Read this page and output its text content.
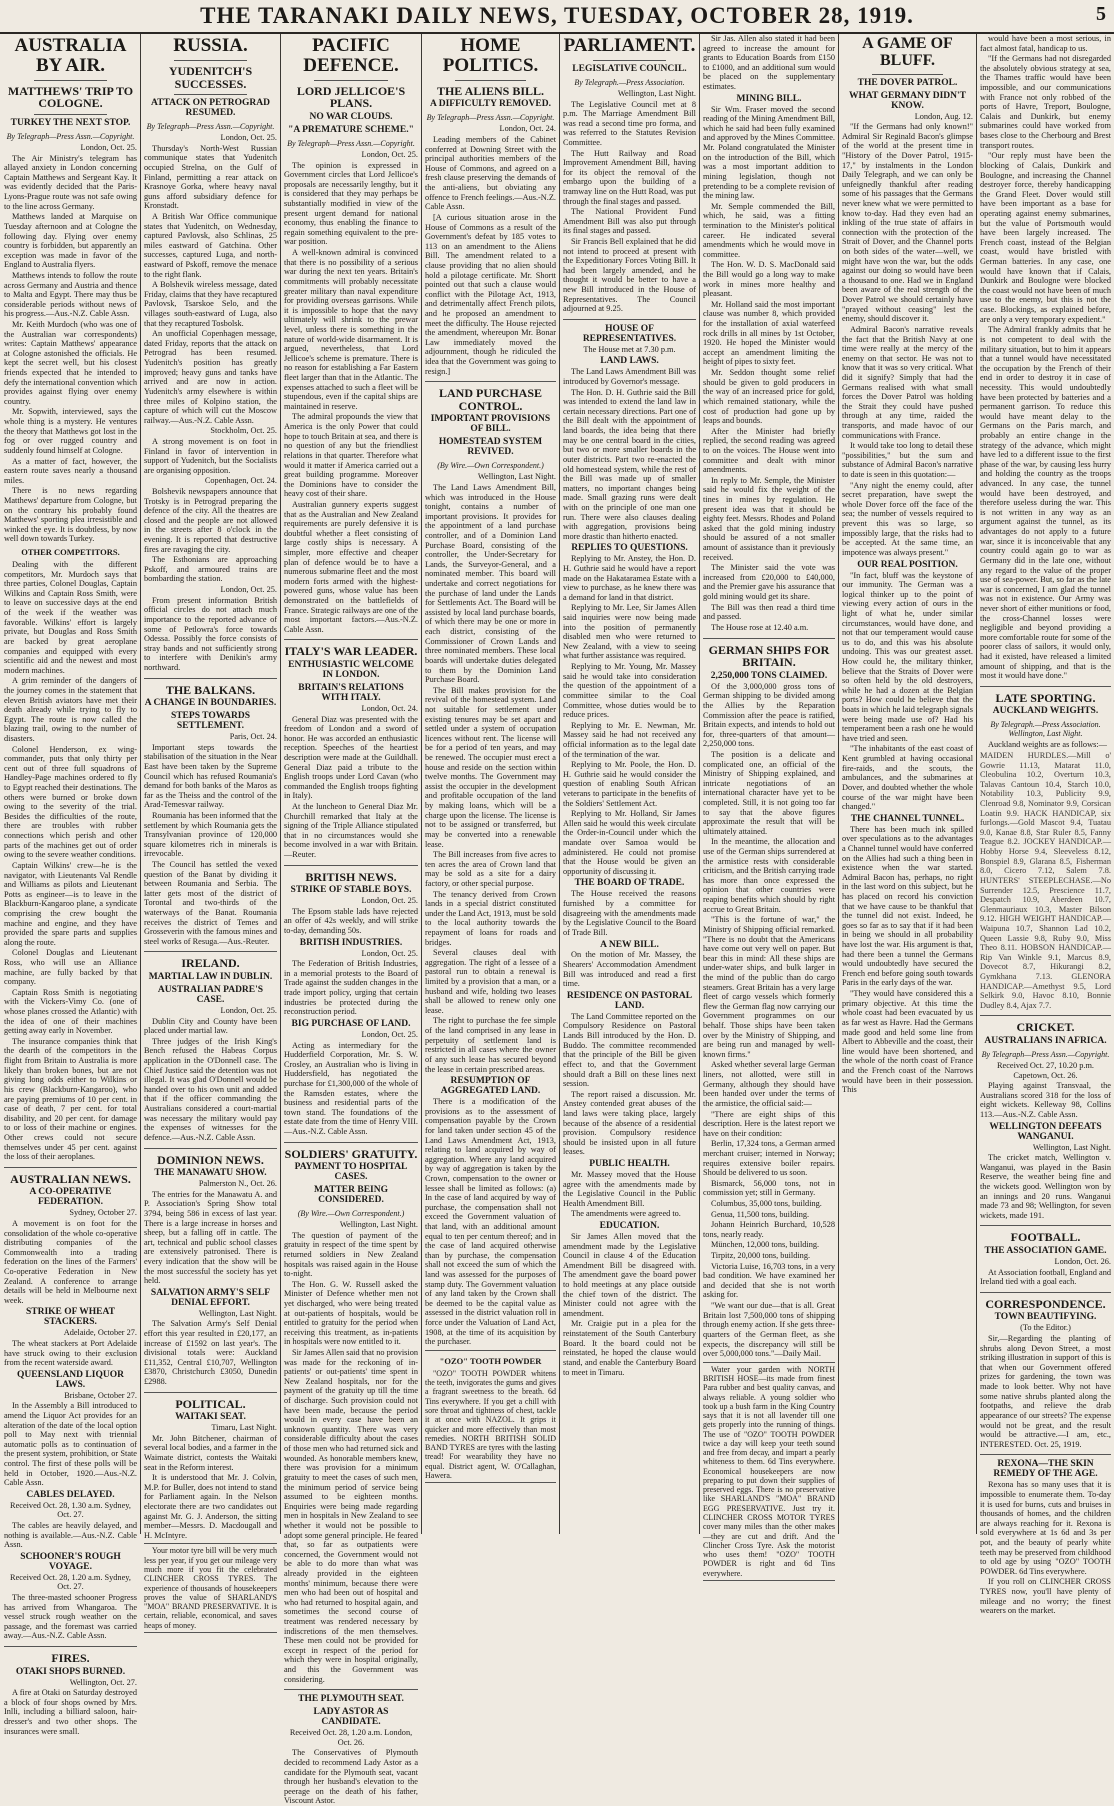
THE TARANAKI DAILY NEWS, TUESDAY, OCTOBER 28, 1919.	5
AUSTRALIA BY AIR.
MATTHEWS' TRIP TO COLOGNE.
TURKEY THE NEXT STOP.
By Telegraph—Press Assn.—Copyright.

London, Oct. 25.

The Air Ministry's telegram has allayed anxiety in London concerning Captain Matthews and Sergeant Kay. It was evidently decided that the Paris-Lyons-Prague route was not safe owing to the line across Germany.

Matthews landed at Marquise on Tuesday afternoon and at Cologne the following day. Flying over enemy country is forbidden, but apparently an exception was made in favor of the England to Australia flyers.

Matthews intends to follow the route across Germany and Austria and thence to Malta and Egypt. There may thus be considerable periods without news of his progress.—Aus.-N.Z. Cable Assn.

Mr. Keith Murdoch (who was one of the Australian war correspondents) writes: Captain Matthews' appearance at Cologne astonished the officials. He kept the secret well, but his closest friends expected that he intended to defy the international convention which provides against flying over enemy country.

Mr. Sopwith, interviewed, says the whole thing is a mystery. He ventures the theory that Matthews got lost in the fog or over rugged country and suddenly found himself at Cologne.

As a matter of fact, however, the eastern route saves nearly a thousand miles.

There is no news regarding Matthews' departure from Cologne, but on the contrary his probably found Matthews' sporting plea irresistible and winked the eye. It is doubtless, by now well down towards Turkey.

OTHER COMPETITORS.

Dealing with the different competitors, Mr. Murdoch says that three parties, Colonel Douglas, Captain Wilkins and Captain Ross Smith, were to leave on successive days at the end of the week if the weather was favorable. Wilkins' effort is largely private, but Douglas and Ross Smith are backed by great aeroplane companies and equipped with every scientific aid and the newest and most modern machines.

A grim reminder of the dangers of the journey comes in the statement that eleven British aviators have met their death already while trying to fly to Egypt. The route is now called the blazing trail, owing to the number of disasters.

Colonel Henderson, ex wing-commander, puts that only thirty per cent out of three full squadrons of Handley-Page machines ordered to fly to Egypt reached their destinations. The others were burned or broke down owing to the severity of the trial. Besides the difficulties of the route, there are troubles with rubber connections which perish and other parts of the machines get out of order owing to the severe weather conditions.

Captain Wilkins' crew—he is the navigator, with Lieutenants Val Rendle and Williams as pilots and Lieutenant Potts as engineer—is to leave in the Blackburn-Kangaroo plane, a syndicate comprising the crew bought the machine and engine, and they have provided the spare parts and supplies along the route.

Colonel Douglas and Lieutenant Ross, who will use an Alliance machine, are fully backed by that company.

Captain Ross Smith is negotiating with the Vickers-Vimy Co. (one of whose planes crossed the Atlantic) with the idea of one of their machines getting away early in November.

The insurance companies think that the dearth of the competitors in the flight from Britain to Australia is more likely than broken bones, but are not giving long odds either to Wilkins or his crew (Blackburn-Kangaroo), who are paying premiums of 10 per cent. in case of death, 7 per cent. for total disability, and 20 per cent. for damage to or loss of their machine or engines. Other crews could not secure themselves under 45 per cent. against the loss of their aeroplanes.

AUSTRALIAN NEWS.
A CO-OPERATIVE FEDERATION.

Sydney, October 27.

A movement is on foot for the consolidation of the whole co-operative distributing companies of the Commonwealth into a trading federation on the lines of the Farmers' Co-operative Federation in New Zealand. A conference to arrange details will be held in Melbourne next week.

STRIKE OF WHEAT STACKERS.

Adelaide, October 27.

The wheat stackers at Port Adelaide have struck owing to their exclusion from the recent waterside award.

QUEENSLAND LIQUOR LAWS.

Brisbane, October 27.

In the Assembly a Bill introduced to amend the Liquor Act provides for an alteration of the date of the local option poll to May next with triennial automatic polls as to continuation of the present system, prohibition, or State control. The first of these polls will be held in October, 1920.—Aus.-N.Z. Cable Assn.

CABLES DELAYED.

Received Oct. 28, 1.30 a.m. Sydney, Oct. 27.

The cables are heavily delayed, and nothing is available.—Aus.-N.Z. Cable Assn.

SCHOONER'S ROUGH VOYAGE.

Received Oct. 28, 1.20 a.m. Sydney, Oct. 27.

The three-masted schooner Progress has arrived from Whangaroa. The vessel struck rough weather on the passage, and the foremast was carried away.—Aus.-N.Z. Cable Assn.

FIRES.
OTAKI SHOPS BURNED.

Wellington, Oct. 27.

A fire at Otaki on Saturday destroyed a block of four shops owned by Mrs. Inlli, including a billiard saloon, hair-dresser's and two other shops. The insurances were small.

RUSSIA.
YUDENITCH'S SUCCESSES.
ATTACK ON PETROGRAD RESUMED.
By Telegraph—Press Assn.—Copyright.

London, Oct. 25.

Thursday's North-West Russian communique states that Yudenitch occupied Strelna, on the Gulf of Finland, permitting a rear attack on Krasnoye Gorka, where heavy naval guns afford subsidiary defence for Kronstadt.

A British War Office communique states that Yudenitch, on Wednesday, captured Pavlovsk, also Schlinas, 25 miles eastward of Gatchina. Other successes, captured Luga, and north-eastward of Pskoff, remove the menace to the right flank.

A Bolshevik wireless message, dated Friday, claims that they have recaptured Pavlovsk, Tsarskoe Selo, and the villages south-eastward of Luga, also that they recaptured Tosbolsk.

An unofficial Copenhagen message, dated Friday, reports that the attack on Petrograd has been resumed. Yudenitch's position has greatly improved; heavy guns and tanks have arrived and are now in action. Yudenitch's army elsewhere is within three miles of Kolpino station, the capture of which will cut the Moscow railway.—Aus.-N.Z. Cable Assn.

Stockholm, Oct. 25.

A strong movement is on foot in Finland in favor of intervention in support of Yudenitch, but the Socialists are organising opposition.

Copenhagen, Oct. 24.

Bolshevik newspapers announce that Trotsky is in Petrograd preparing the defence of the city. All the theatres are closed and the people are not allowed in the streets after 8 o'clock in the evening. It is reported that destructive fires are ravaging the city.

The Esthonians are approaching Pskoff, and armoured trains are bombarding the station.

London, Oct. 25.

From present information British official circles do not attach much importance to the reported advance of some of Petlowra's force towards Odessa. Possibly the force consists of stray bands and not sufficiently strong to interfere with Denikin's army northward.

THE BALKANS.
A CHANGE IN BOUNDARIES.
STEPS TOWARDS SETTLEMENT.

Paris, Oct. 24.

Important steps towards the stabilisation of the situation in the Near East have been taken by the Supreme Council which has refused Roumania's demand for both banks of the Maros as far as the Theiss and the control of the Arad-Temesvar railway.

Roumania has been informed that the settlement by which Roumania gets the Transylvanian province of 120,000 square kilometres rich in minerals is irrevocable.

The Council has settled the vexed question of the Banat by dividing it between Roumania and Serbia. The latter gets most of the district of Torontal and two-thirds of the waterways of the Banat. Roumania receives the district of Temes and Grosseverin with the famous mines and steel works of Resuga.—Aus.-Reuter.

IRELAND.
MARTIAL LAW IN DUBLIN.
AUSTRALIAN PADRE'S CASE.

London, Oct. 25.

Dublin City and County have been placed under martial law.

Three judges of the Irish King's Bench refused the Habeas Corpus application in the O'Donnell case. The Chief Justice said the detention was not illegal. It was glad O'Donnell would be handed over to his own unit and added that if the officer commanding the Australians considered a court-martial was necessary the military would pay the expenses of witnesses for the defence.—Aus.-N.Z. Cable Assn.

DOMINION NEWS.
THE MANAWATU SHOW.

Palmerston N., Oct. 26.

The entries for the Manawatu A. and P. Association's Spring Show total 3794, being 586 in excess of last year. There is a large increase in horses and sheep, but a falling off in cattle. The art, technical and public school classes are extensively patronised. There is every indication that the show will be the most successful the society has yet held.

SALVATION ARMY'S SELF DENIAL EFFORT.

Wellington, Last Night.

The Salvation Army's Self Denial effort this year resulted in £20,177, an increase of £1592 on last year's. The divisional totals were: Auckland £11,352, Central £10,707, Wellington £3870, Christchurch £3050, Dunedin £2988.

POLITICAL.
WAITAKI SEAT.

Timaru, Last Night.

Mr. John Bitchener, chairman of several local bodies, and a farmer in the Waimate district, contests the Waitaki seat in the Reform interest.

It is understood that Mr. J. Colvin, M.P. for Buller, does not intend to stand for Parliament again. In the Nelson electorate there are two candidates out against Mr. G. J. Anderson, the sitting member—Messrs. D. Macdougall and H. McIntyre.

Your motor tyre bill will be very much less per year, if you get our mileage very much more if you fit the celebrated CLINCHER CROSS TYRES. The experience of thousands of housekeepers proves the value of SHARLAND'S "MOA" BRAND PRESERVATIVE. It is certain, reliable, economical, and saves heaps of money.

PACIFIC DEFENCE.
LORD JELLICOE'S PLANS.
NO WAR CLOUDS.
"A PREMATURE SCHEME."
By Telegraph—Press Assn.—Copyright.

London, Oct. 25.

The opinion is expressed in Government circles that Lord Jellicoe's proposals are necessarily lengthy, but it is considered that they may perhaps be substantially modified in view of the present urgent demand for national economy, thus enabling the finance to regain something equivalent to the pre-war position.

A well-known admiral is convinced that there is no possibility of a serious war during the next ten years. Britain's commitments will probably necessitate greater military than naval expenditure for providing overseas garrisons. While it is impossible to hope that the navy ultimately will shrink to the prewar level, unless there is something in the nature of world-wide disarmament. It is argued, nevertheless, that Lord Jellicoe's scheme is premature. There is no reason for establishing a Far Eastern fleet larger than that in the Atlantic. The expenses attached to such a fleet will be stupendous, even if the capital ships are maintained in reserve.

The admiral propounds the view that America is the only Power that could hope to touch Britain at sea, and there is no question of any but the friendliest relations in that quarter. Therefore what would it matter if America carried out a great building programme. Moreover the Dominions have to consider the heavy cost of their share.

Australian gunnery experts suggest that as the Australian and New Zealand requirements are purely defensive it is doubtful whether a fleet consisting of large costly ships is necessary. A simpler, more effective and cheaper plan of defence would be to have a numerous submarine fleet and the most modern forts armed with the highest-powered guns, whose value has been demonstrated on the battlefields of France. Strategic railways are one of the most important factors.—Aus.-N.Z. Cable Assn.

ITALY'S WAR LEADER.
ENTHUSIASTIC WELCOME IN LONDON.
BRITAIN'S RELATIONS WITH ITALY.

London, Oct. 24.

General Diaz was presented with the freedom of London and a sword of honor. He was accorded an enthusiastic reception. Speeches of the heartiest description were made at the Guildhall. General Diaz paid a tribute to the English troops under Lord Cavan (who commanded the English troops fighting in Italy).

At the luncheon to General Diaz Mr. Churchill remarked that Italy at the signing of the Triple Alliance stipulated that in no circumstances would she become involved in a war with Britain.—Reuter.

BRITISH NEWS.
STRIKE OF STABLE BOYS.

London, Oct. 25.

The Epsom stable lads have rejected an offer of 42s weekly, and will strike to-day, demanding 50s.

BRITISH INDUSTRIES.

London, Oct. 25.

The Federation of British Industries, in a memorial protests to the Board of Trade against the sudden changes in the trade import policy, urging that certain industries be protected during the reconstruction period.

BIG PURCHASE OF LAND.

London, Oct. 25.

Acting as intermediary for the Hudderfield Corporation, Mr. S. W. Crosley, an Australian who is living in Huddersfield, has negotiated the purchase for £1,300,000 of the whole of the Ramsden estates, where the business and residential parts of the town stand. The foundations of the estate date from the time of Henry VIII.—Aus.-N.Z. Cable Assn.

SOLDIERS' GRATUITY.
PAYMENT TO HOSPITAL CASES.
MATTER BEING CONSIDERED.
(By Wire.—Own Correspondent.)

Wellington, Last Night.

The question of payment of the gratuity in respect of the time spent by returned soldiers in New Zealand hospitals was raised again in the House to-night.

The Hon. G. W. Russell asked the Minister of Defence whether men not yet discharged, who were being treated at out-patients of hospitals, would be entitled to gratuity for the period when receiving this treatment, as in-patients in hospitals were now entitled to it.

Sir James Allen said that no provision was made for the reckoning of in-patients' or out-patients' time spent in New Zealand hospitals, nor for the payment of the gratuity up till the time of discharge. Such provision could not have been made, because the period would in every case have been an unknown quantity. There was very considerable difficulty about the cases of those men who had returned sick and wounded. As honorable members knew, there was provision for a minimum gratuity to meet the cases of such men, the minimum period of service being assumed to be eighteen months. Enquiries were being made regarding men in hospitals in New Zealand to see whether it would not be possible to adopt some general principle. He feared that, so far as outpatients were concerned, the Government would not be able to do more than what was already provided in the eighteen months' minimum, because there were men who had been out of hospital and who had returned to hospital again, and sometimes the second course of treatment was rendered necessary by indiscretions of the men themselves. These men could not be provided for except in respect of the period for which they were in hospital originally, and this the Government was considering.

THE PLYMOUTH SEAT.
LADY ASTOR AS CANDIDATE.

Received Oct. 28, 1.20 a.m. London, Oct. 26.

The Conservatives of Plymouth decided to recommend Lady Astor as a candidate for the Plymouth seat, vacant through her husband's elevation to the peerage on the death of his father, Viscount Astor.

HOME POLITICS.
THE ALIENS BILL.
A DIFFICULTY REMOVED.
By Telegraph—Press Assn.—Copyright.

London, Oct. 24.

Leading members of the Cabinet conferred at Downing Street with the principal authorities members of the House of Commons, and agreed on a fresh clause preserving the demands of the anti-aliens, but obviating any offence to French feelings.—Aus.-N.Z. Cable Assn.

[A curious situation arose in the House of Commons as a result of the Government's defeat by 185 votes to 113 on an amendment to the Aliens Bill. The amendment related to a clause providing that no alien should hold a pilotage certificate. Mr. Shortt pointed out that such a clause would conflict with the Pilotage Act, 1913, and detrimentally affect French pilots, and he proposed an amendment to meet the difficulty. The House rejected the amendment, whereupon Mr. Bonar Law immediately moved the adjournment, though he ridiculed the idea that the Government was going to resign.]

LAND PURCHASE CONTROL.
IMPORTANT PROVISIONS OF BILL.
HOMESTEAD SYSTEM REVIVED.
(By Wire.—Own Correspondent.)

Wellington, Last Night.

The Land Laws Amendment Bill, which was introduced in the House tonight, contains a number of important provisions. It provides for the appointment of a land purchase controller, and of a Dominion Land Purchase Board, consisting of the controller, the Under-Secretary for Lands, the Surveyor-General, and a nominated member. This board will undertake and correct negotiations for the purchase of land under the Lands for Settlements Act. The Board will be assisted by local land purchase boards, of which there may be one or more in each district, consisting of the Commissioner of Crown Lands and three nominated members. These local boards will undertake duties delegated to them by the Dominion Land Purchase Board.

The Bill makes provision for the revival of the homestead system. Land not suitable for settlement under existing tenures may be set apart and settled under a system of occupation licences without rent. The license will be for a period of ten years, and may be renewed. The occupier must erect a house and reside on the section within twelve months. The Government may assist the occupier in the development and profitable occupation of the land by making loans, which will be a charge upon the license. The license is not to be assigned or transferred, but may be converted into a renewable lease.

The Bill increases from five acres to ten acres the area of Crown land that may be sold as a site for a dairy factory, or other special purpose.

The tenancy derived from Crown lands in a special district constituted under the Land Act, 1913, must be sold to the local authority towards the repayment of loans for roads and bridges.

Several clauses deal with aggregation. The right of a lessee of a pastoral run to obtain a renewal is limited by a provision that a man, or a husband and wife, holding two leases shall be allowed to renew only one lease.

The right to purchase the fee simple of the land comprised in any lease in perpetuity of settlement land is restricted in all cases where the owner of any such lease has secured beyond the lease in certain prescribed areas.

RESUMPTION OF AGGREGATED LAND.

There is a modification of the provisions as to the assessment of compensation payable by the Crown for land taken under section 45 of the Land Laws Amendment Act, 1913, relating to land acquired by way of aggregation. Where any land acquired by way of aggregation is taken by the Crown, compensation to the owner or lessee shall be limited as follows: (a) In the case of land acquired by way of purchase, the compensation shall not exceed the Government valuation of that land, with an additional amount equal to ten per centum thereof; and in the case of land acquired otherwise than by purchase, the compensation shall not exceed the sum of which the land was assessed for the purposes of stamp duty. The Government valuation of any land taken by the Crown shall be deemed to be the capital value as assessed in the district valuation roll in force under the Valuation of Land Act, 1908, at the time of its acquisition by the purchaser.

"OZO" TOOTH POWDER

"OZO" TOOTH POWDER whitens the teeth, invigorates the gums and gives a fragrant sweetness to the breath. 6d Tins everywhere. If you get a chill with sore throat and tightness of chest, tackle it at once with NAZOL. It grips it quicker and more effectively than most remedies. NORTH BRITISH SOLID BAND TYRES are tyres with the lasting tread! For wearability they have no equal. District agent, W. O'Callaghan, Hawera.

PARLIAMENT.
LEGISLATIVE COUNCIL.
By Telegraph.—Press Association.

Wellington, Last Night.

The Legislative Council met at 8 p.m. The Marriage Amendment Bill was read a second time pro forma, and was referred to the Statutes Revision Committee.

The Hutt Railway and Road Improvement Amendment Bill, having for its object the removal of the embargo upon the building of a tramway line on the Hutt Road, was put through the final stages and passed.

The National Provident Fund Amendment Bill was also put through its final stages and passed.

Sir Francis Bell explained that he did not intend to proceed at present with the Expeditionary Forces Voting Bill. It had been largely amended, and he thought it would be better to have a new Bill introduced in the House of Representatives. The Council adjourned at 9.25.

HOUSE OF REPRESENTATIVES.

The House met at 7.30 p.m.

LAND LAWS.

The Land Laws Amendment Bill was introduced by Governor's message.

The Hon. D. H. Guthrie said the Bill was intended to extend the land law in certain necessary directions. Part one of the Bill dealt with the appointment of land boards, the idea being that there may be one central board in the cities, but two or more smaller boards in the outer districts. Part two re-enacted the old homestead system, while the rest of the Bill was made up of smaller matters, no important changes being made. Small grazing runs were dealt with on the principle of one man one run. There were also clauses dealing with aggregation, provisions being more drastic than hitherto enacted.

REPLIES TO QUESTIONS.

Replying to Mr. Anstey, the Hon. D. H. Guthrie said he would have a report made on the Hakataramea Estate with a view to purchase, as he knew there was a demand for land in that district.

Replying to Mr. Lee, Sir James Allen said inquiries were now being made into the position of permanently disabled men who were returned to New Zealand, with a view to seeing what further assistance was required.

Replying to Mr. Young, Mr. Massey said he would take into consideration the question of the appointment of a committee similar to the Coal Committee, whose duties would be to reduce prices.

Replying to Mr. E. Newman, Mr. Massey said he had not received any official information as to the legal date of the termination of the war.

Replying to Mr. Poole, the Hon. D. H. Guthrie said he would consider the question of enabling South African veterans to participate in the benefits of the Soldiers' Settlement Act.

Replying to Mr. Holland, Sir James Allen said he would this week circulate the Order-in-Council under which the mandate over Samoa would be administered. He could not promise that the House would be given an opportunity of discussing it.

THE BOARD OF TRADE.

The House received the reasons furnished by a committee for disagreeing with the amendments made by the Legislative Council to the Board of Trade Bill.

A NEW BILL.

On the motion of Mr. Massey, the Shearers' Accommodation Amendment Bill was introduced and read a first time.

RESIDENCE ON PASTORAL LAND.

The Land Committee reported on the Compulsory Residence on Pastoral Lands Bill introduced by the Hon. D. Buddo. The committee recommended that the principle of the Bill be given effect to, and that the Government should draft a Bill on these lines next session.

The report raised a discussion. Mr. Anstey contended great abuses of the land laws were taking place, largely because of the absence of a residential provision. Compulsory residence should be insisted upon in all future leases.

PUBLIC HEALTH.

Mr. Massey moved that the House agree with the amendments made by the Legislative Council in the Public Health Amendment Bill.

The amendments were agreed to.

EDUCATION.

Sir James Allen moved that the amendment made by the Legislative Council in clause 4 of the Education Amendment Bill be disagreed with. The amendment gave the board power to hold meetings at any place outside the chief town of the district. The Minister could not agree with the amendment.

Mr. Craigie put in a plea for the reinstatement of the South Canterbury Board. It the board could not be reinstated, he hoped the clause would stand, and enable the Canterbury Board to meet in Timaru.

Sir Jas. Allen also stated it had been agreed to increase the amount for grants to Education Boards from £150 to £1000, and an additional sum would be placed on the supplementary estimates.

MINING BILL.

Sir Wm. Fraser moved the second reading of the Mining Amendment Bill, which he said had been fully examined and approved by the Mines Committee. Mr. Poland congratulated the Minister on the introduction of the Bill, which was a most important addition to mining legislation, though not pretending to be a complete revision of the mining law.

Mr. Semple commended the Bill, which, he said, was a fitting termination to the Minister's political career. He indicated several amendments which he would move in committee.

The Hon. W. D. S. MacDonald said the Bill would go a long way to make work in mines more healthy and pleasant.

Mr. Holland said the most important clause was number 8, which provided for the installation of axial waterfeed rock drills in all mines by 1st October, 1920. He hoped the Minister would accept an amendment limiting the height of pipes to sixty feet.

Mr. Seddon thought some relief should be given to gold producers in the way of an increased price for gold, which remained stationary, while the cost of production had gone up by leaps and bounds.

After the Minister had briefly replied, the second reading was agreed to on the voices. The House went into committee and dealt with minor amendments.

In reply to Mr. Semple, the Minister said he would fix the weight of the tines in mines by regulation. He present idea was that it should be eighty feet. Messrs. Rhodes and Poland asked that the gold mining industry should be assured of a not smaller amount of assistance than it previously received.

The Minister said the vote was increased from £20,000 to £40,000, and the Premier gave his assurance that gold mining would get its share.

The Bill was then read a third time and passed.

The House rose at 12.40 a.m.

GERMAN SHIPS FOR BRITAIN.
2,250,000 TONS CLAIMED.

Of the 3,000,000 gross tons of German shipping to be divided among the Allies by the Reparation Commission after the peace is ratified, Britain expects, and intends to hold out for, three-quarters of that amount—2,250,000 tons.

The position is a delicate and complicated one, an official of the Ministry of Shipping explained, and intricate negotiations of an international character have yet to be completed. Still, it is not going too far to say that the above figures approximate the result that will be ultimately attained.

In the meantime, the allocation and use of the German ships surrendered at the armistice rests with considerable criticism, and the British carrying trade has more than once expressed the opinion that other countries were reaping benefits which should by right accrue to Great Britain.

"This is the fortune of war," the Ministry of Shipping official remarked. "There is no doubt that the Americans have come out very well on paper. But bear this in mind: All these ships are under-water ships, and bulk larger in the mind of the public than do cargo steamers. Great Britain has a very large fleet of cargo vessels which formerly flew the German flag now carrying our Government programmes on our behalf. Those ships have been taken over by the Ministry of Shipping, and are being run and managed by well-known firms."

Asked whether several large German liners, not allotted, were still in Germany, although they should have been handed over under the terms of the armistice, the official said:—

"There are eight ships of this description. Here is the latest report we have on their condition:

Berlin, 17,324 tons, a German armed merchant cruiser; interned in Norway; requires extensive boiler repairs. Should be delivered to us soon.

Bismarck, 56,000 tons, not in commission yet; still in Germany.

Columbus, 35,000 tons, building.

Genua, 11,500 tons, building.

Johann Heinrich Burchard, 10,528 tons, nearly ready.

München, 12,000 tons, building.

Tirpitz, 20,000 tons, building.

Victoria Luise, 16,703 tons, in a very bad condition. We have examined her and decided that she is not worth asking for.

"We want our due—that is all. Great Britain lost 7,500,000 tons of shipping through enemy action. If she gets three-quarters of the German fleet, as she expects, the discrepancy will still be over 5,000,000 tons."—Daily Mail.

Water your garden with NORTH BRITISH HOSE—its made from finest Para rubber and best quality canvas, and always reliable. A young soldier who took up a bush farm in the King Country says that it is not all lavender till one gets properly into the running of things. The use of "OZO" TOOTH POWDER twice a day will keep your teeth sound and free from decay, and impart a pearly whiteness to them. 6d Tins everywhere. Economical housekeepers are now preparing to put down their supplies of preserved eggs. There is no preservative like SHARLAND'S "MOA" BRAND EGG PRESERVATIVE. Just try it. CLINCHER CROSS MOTOR TYRES cover many miles than the other makes—they are cut and drift. And the Clincher Cross Tyre. Ask the motorist who uses them! "OZO" TOOTH POWDER is right and 6d Tins everywhere.

A GAME OF BLUFF.
THE DOVER PATROL.
WHAT GERMANY DIDN'T KNOW.

London, Aug. 12.

"If the Germans had only known!" Admiral Sir Reginald Bacon's glimpse of the world at the present time in "History of the Dover Patrol, 1915-17," by instalments in the London Daily Telegraph, and we can only be unfeignedly thankful after reading some of his passages that the Germans never knew what we were permitted to know to-day. Had they even had an inkling of the true state of affairs in connection with the protection of the Strait of Dover, and the Channel ports on both sides of the water—well, we might have won the war, but the odds against our doing so would have been a thousand to one. Had we in England been aware of the real strength of the Dover Patrol we should certainly have "prayed without ceasing" lest the enemy, should discover it.

Admiral Bacon's narrative reveals the fact that the British Navy at one time were really at the mercy of the enemy on that sector. He was not to know that it was so very critical. What did it signify? Simply that had the Germans realised with what small forces the Dover Patrol was holding the Strait they could have pushed through at any time, raided the transports, and made havoc of our communications with France.

It would take too long to detail these "possibilities," but the sum and substance of Admiral Bacon's narrative to date is seen in this quotation:—

"Any night the enemy could, after secret preparation, have swept the whole Dover force off the face of the sea; the number of vessels required to prevent this was so large, so impossibly large, that the risks had to be accepted. At the same time, an impotence was always present."

OUR REAL POSITION.

"In fact, bluff was the keystone of our immunity. The German was a logical thinker up to the point of viewing every action of ours in the light of what he, under similar circumstances, would have done, and not that our temperament would cause us to do, and this was his absolute undoing. This was our greatest asset. How could he, the military thinker, believe that the Straits of Dover were so often held by the old destroyers, while he had a dozen at the Belgian ports? How could he believe that the boats in which he laid telegraph signals were being made use of? Had his temperament been a rash one he would have tried and seen.

"The inhabitants of the east coast of Kent grumbled at having occasional fire-raids, and the scouts, the ambulances, and the submarines at Dover, and doubted whether the whole course of the war might have been changed."

THE CHANNEL TUNNEL.

There has been much ink spilled over speculations as to the advantages a Channel tunnel would have conferred on the Allies had such a thing been in existence when the war started. Admiral Bacon has, perhaps, no right in the last word on this subject, but he has placed on record his conviction that we have cause to be thankful that the tunnel did not exist. Indeed, he goes so far as to say that if it had been in being we should in all probability have lost the war. His argument is that, had there been a tunnel the Germans would undoubtedly have secured the French end before going south towards Paris in the early days of the war.

"They would have considered this a primary objective. At this time the whole coast had been evacuated by us as far west as Havre. Had the Germans made good and held some line from Albert to Abbeville and the coast, their line would have been shortened, and the whole of the north coast of France and the French coast of the Narrows would have been in their possession. This

would have been a most serious, in fact almost fatal, handicap to us.

"If the Germans had not disregarded the absolutely obvious strategy at sea, the Thames traffic would have been impossible, and our communications with France not only robbed of the ports of Havre, Treport, Boulogne, Calais and Dunkirk, but enemy submarines could have worked from bases close to the Cherbourg and Brest transport routes.

"Our reply must have been the blocking of Calais, Dunkirk and Boulogne, and increasing the Channel destroyer force, thereby handicapping the Grand Fleet. Dover would still have been important as a base for operating against enemy submarines, but the value of Portsmouth would have been largely increased. The French coast, instead of the Belgian coast, would have bristled with German batteries. In any case, one would have known that if Calais, Dunkirk and Boulogne were blocked the coast would not have been of much use to the enemy, but this is not the case. Blockings, as explained before, are only a very temporary expedient."

The Admiral frankly admits that he is not competent to deal with the military situation, but to him it appears that a tunnel would have necessitated the occupation by the French of their end in order to destroy it in case of necessity. This would undoubtedly have been protected by batteries and a permanent garrison. To reduce this would have meant delay to the Germans on the Paris march, and probably an entire change in the strategy of the advance, which might have led to a different issue to the first phase of the war, by causing less hurry and holding the country as the troops advanced. In any case, the tunnel would have been destroyed, and therefore useless during the war. This is not written in any way as an argument against the tunnel, as its advantages do not apply to a future war, since it is inconceivable that any country could again go to war as Germany did in the late one, without any regard to the value of the proper use of sea-power. But, so far as the late war is concerned, I am glad the tunnel was not in existence. Our Army was never short of either munitions or food, the cross-Channel losses were negligible and beyond providing a more comfortable route for some of the poorer class of sailors, it would only, had it existed, have released a limited amount of shipping, and that is the most it would have done."

LATE SPORTING.
AUCKLAND WEIGHTS.
By Telegraph.—Press Association. Wellington, Last Night.

Auckland weights are as follows:—

MAIDEN HURDLES.—Mill o' Gowrie 11.13, Matarat 11.0, Cleobulina 10.2, Overturn 10.3, Talavas Cantoun 10.4, Starch 10.0, Notability 10.3, Publicity 9.9, Clenroad 9.8, Nominator 9.9, Corsican Loatin 9.9. HACK HANDICAP, six furlongs.—Gold Mascot 9.4, Tuatau 9.0, Kanae 8.8, Star Ruler 8.5, Fanny Teague 8.2. JOCKEY HANDICAP.—Hobby Horse 9.4, Sleeveless 8.12, Bonspiel 8.9, Glarana 8.5, Fisherman 8.0, Cicero 7.12, Salem 7.8. HUNTERS' STEEPLECHASE.—No Surrender 12.5, Prescience 11.7, Despatch 10.9, Aberdeen 10.7, Glenmauriaux 10.3, Master Bilson 9.12. HIGH WEIGHT HANDICAP.—Waipuna 10.7, Shannon Lad 10.2, Queen Lassie 9.8, Ruby 9.0, Miss Theo 8.11. HOBSON HANDICAP.—Rip Van Winkle 9.1, Marcus 8.9, Dovecot 8.7, Hikurangi 8.2, Gymkhana 7.13. GLENORA HANDICAP.—Amethyst 9.5, Lord Selkirk 9.0, Havoc 8.10, Bonnie Dudley 8.4, Ajax 7.7.
CRICKET.
AUSTRALIANS IN AFRICA.
By Telegraph—Press Assn.—Copyright.

Received Oct. 27, 10.20 p.m. Capetown, Oct. 26.

Playing against Transvaal, the Australians scored 318 for the loss of eight wickets. Kelleway 98, Collins 113.—Aus.-N.Z. Cable Assn.

WELLINGTON DEFEATS WANGANUI.

Wellington, Last Night.

The cricket match, Wellington v. Wanganui, was played in the Basin Reserve, the weather being fine and the wickets good. Wellington won by an innings and 20 runs. Wanganui made 73 and 98; Wellington, for seven wickets, made 191.

FOOTBALL.
THE ASSOCIATION GAME.

London, Oct. 26.

At Association football, England and Ireland tied with a goal each.

CORRESPONDENCE.
TOWN BEAUTIFYING.

(To the Editor.)

Sir,—Regarding the planting of shrubs along Devon Street, a most striking illustration in support of this is that when our Government offered prizes for gardening, the town was made to look better. Why not have some native shrubs planted along the footpaths, and relieve the drab appearance of our streets? The expense would not be great, and the result would be attractive.—I am, etc., INTERESTED. Oct. 25, 1919.

REXONA—THE SKIN REMEDY OF THE AGE.

Rexona has so many uses that it is impossible to enumerate them. To-day it is used for burns, cuts and bruises in thousands of homes, and the children are always reaching for it. Rexona is sold everywhere at 1s 6d and 3s per pot, and the beauty of pearly white teeth may be preserved from childhood to old age by using "OZO" TOOTH POWDER. 6d Tins everywhere.

If you roll on CLINCHER CROSS TYRES now, you'll have plenty of mileage and no worry; the finest wearers on the market.
